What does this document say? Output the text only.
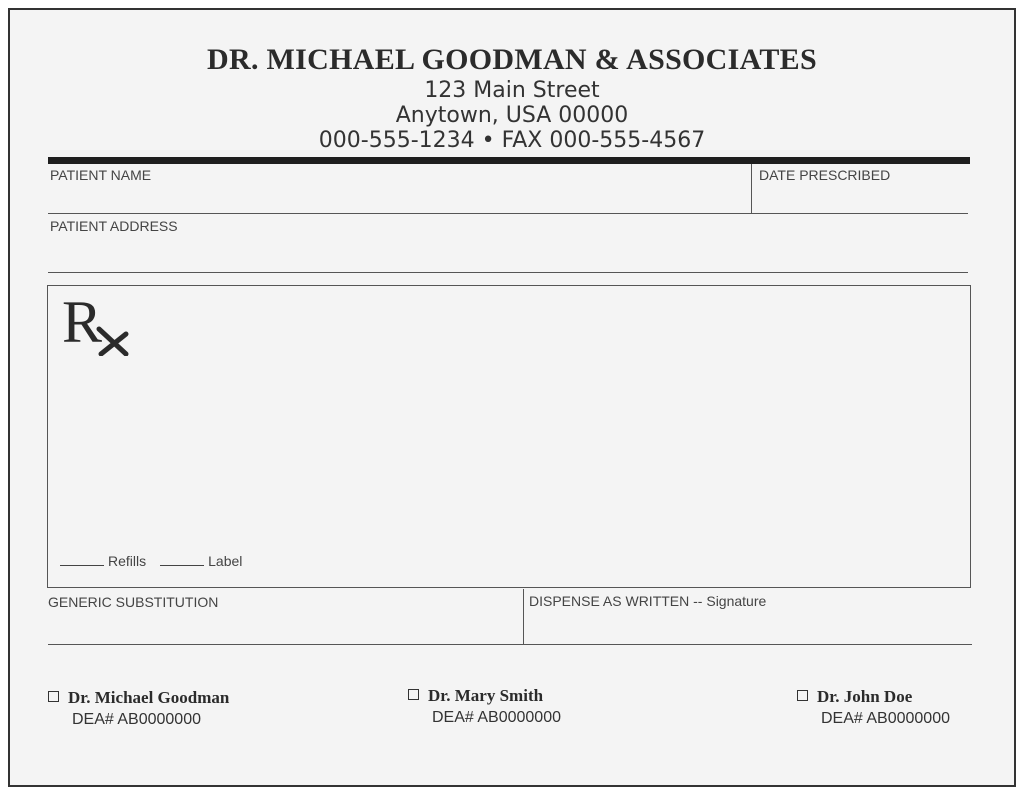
DR. MICHAEL GOODMAN & ASSOCIATES
123 Main Street
Anytown, USA 00000
000-555-1234 • FAX 000-555-4567
PATIENT NAME	DATE PRESCRIBED
PATIENT ADDRESS
R
Refills	Label
GENERIC SUBSTITUTION	DISPENSE AS WRITTEN -- Signature
Dr. Michael Goodman
DEA# AB0000000
Dr. Mary Smith
DEA# AB0000000
Dr. John Doe
DEA# AB0000000
